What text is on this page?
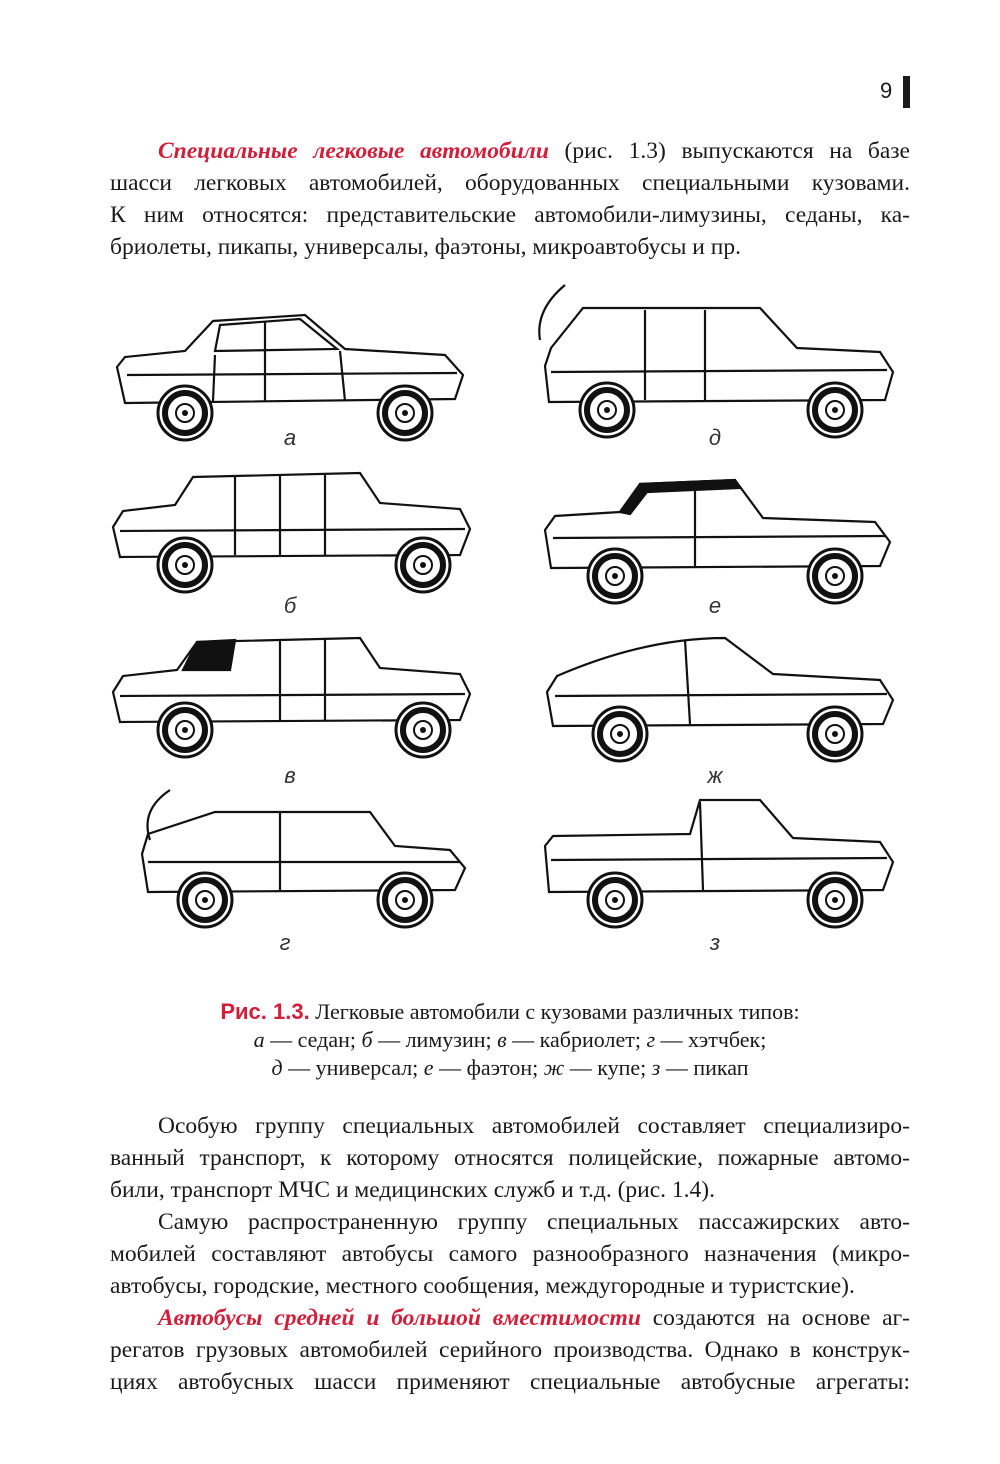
9
Специальные легковые автомобили (рис. 1.3) выпускаются на базе
шасси легковых автомобилей, оборудованных специальными кузовами.
К ним относятся: представительские автомобили-лимузины, седаны, ка-
бриолеты, пикапы, универсалы, фаэтоны, микроавтобусы и пр.
а
б
в
г
д
е
ж
з
Рис. 1.3. Легковые автомобили с кузовами различных типов:
а — седан; б — лимузин; в — кабриолет; г — хэтчбек;
д — универсал; е — фаэтон; ж — купе; з — пикап
Особую группу специальных автомобилей составляет специализиро-
ванный транспорт, к которому относятся полицейские, пожарные автомо-
били, транспорт МЧС и медицинских служб и т.д. (рис. 1.4).
Самую распространенную группу специальных пассажирских авто-
мобилей составляют автобусы самого разнообразного назначения (микро-
автобусы, городские, местного сообщения, междугородные и туристские).
Автобусы средней и большой вместимости создаются на основе аг-
регатов грузовых автомобилей серийного производства. Однако в конструк-
циях автобусных шасси применяют специальные автобусные агрегаты:
